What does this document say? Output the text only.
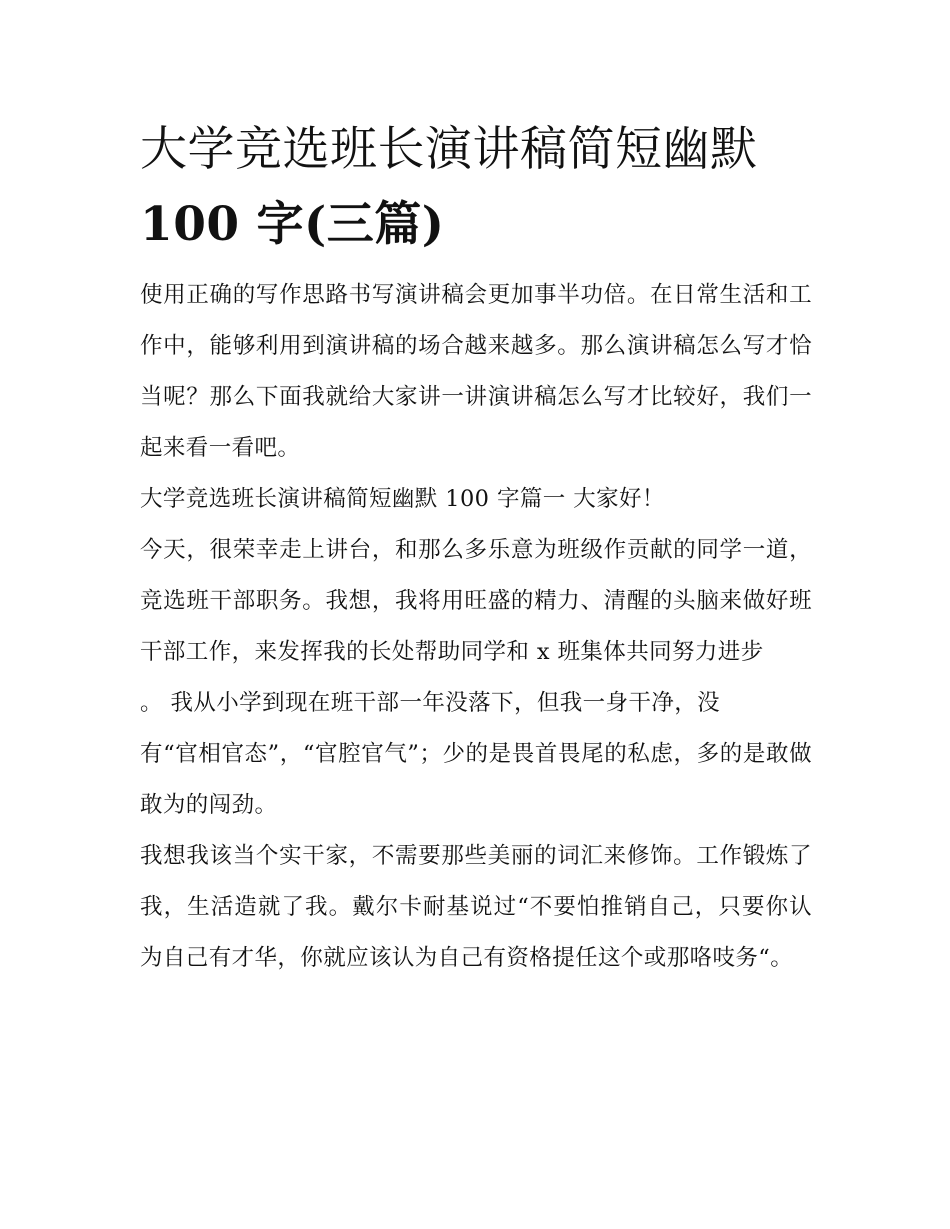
大学竞选班长演讲稿简短幽默
100 字(三篇)

使用正确的写作思路书写演讲稿会更加事半功倍。在日常生活和工作中，能够利用到演讲稿的场合越来越多。那么演讲稿怎么写才恰当呢？那么下面我就给大家讲一讲演讲稿怎么写才比较好，我们一起来看一看吧。

大学竞选班长演讲稿简短幽默 100 字篇一 大家好！

今天，很荣幸走上讲台，和那么多乐意为班级作贡献的同学一道，竞选班干部职务。我想，我将用旺盛的精力、清醒的头脑来做好班干部工作，来发挥我的长处帮助同学和 x 班集体共同努力进步

。 我从小学到现在班干部一年没落下，但我一身干净，没

有“官相官态”，“官腔官气”；少的是畏首畏尾的私虑，多的是敢做敢为的闯劲。

我想我该当个实干家，不需要那些美丽的词汇来修饰。工作锻炼了我，生活造就了我。戴尔卡耐基说过“不要怕推销自己，只要你认为自己有才华，你就应该认为自己有资格提任这个或那咯吱务“。
